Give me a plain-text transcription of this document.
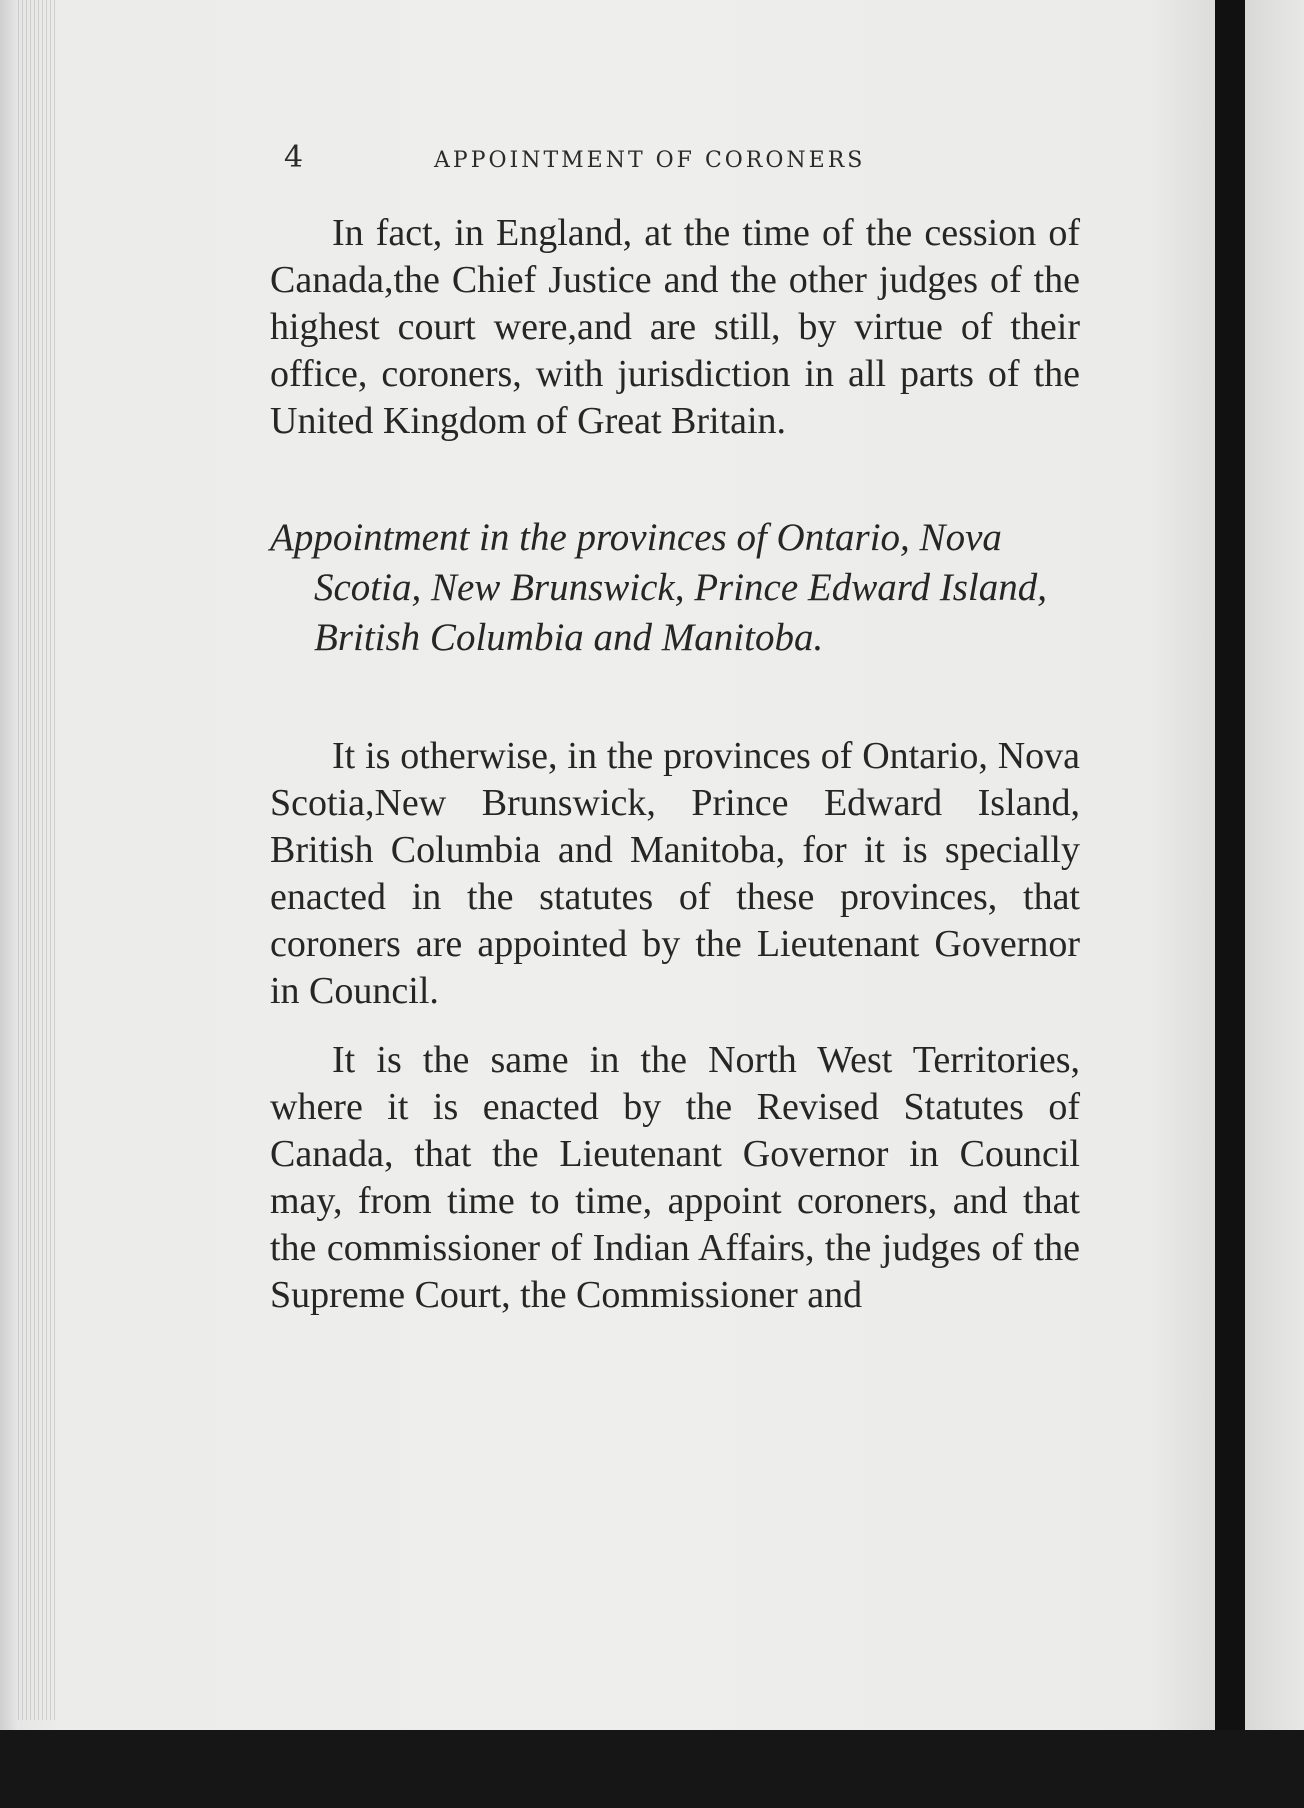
4	APPOINTMENT OF CORONERS

In fact, in England, at the time of the cession of Canada,the Chief Justice and the other judges of the highest court were,and are still, by virtue of their office, coroners, with jurisdiction in all parts of the United Kingdom of Great Britain.

Appointment in the provinces of Ontario, Nova Scotia, New Brunswick, Prince Edward Island, British Columbia and Manitoba.

It is otherwise, in the provinces of Ontario, Nova Scotia,New Brunswick, Prince Edward Island, British Columbia and Manitoba, for it is specially enacted in the statutes of these provinces, that coroners are appointed by the Lieutenant Governor in Council.

It is the same in the North West Territories, where it is enacted by the Revised Statutes of Canada, that the Lieutenant Governor in Council may, from time to time, appoint coroners, and that the commissioner of Indian Affairs, the judges of the Supreme Court, the Commissioner and
